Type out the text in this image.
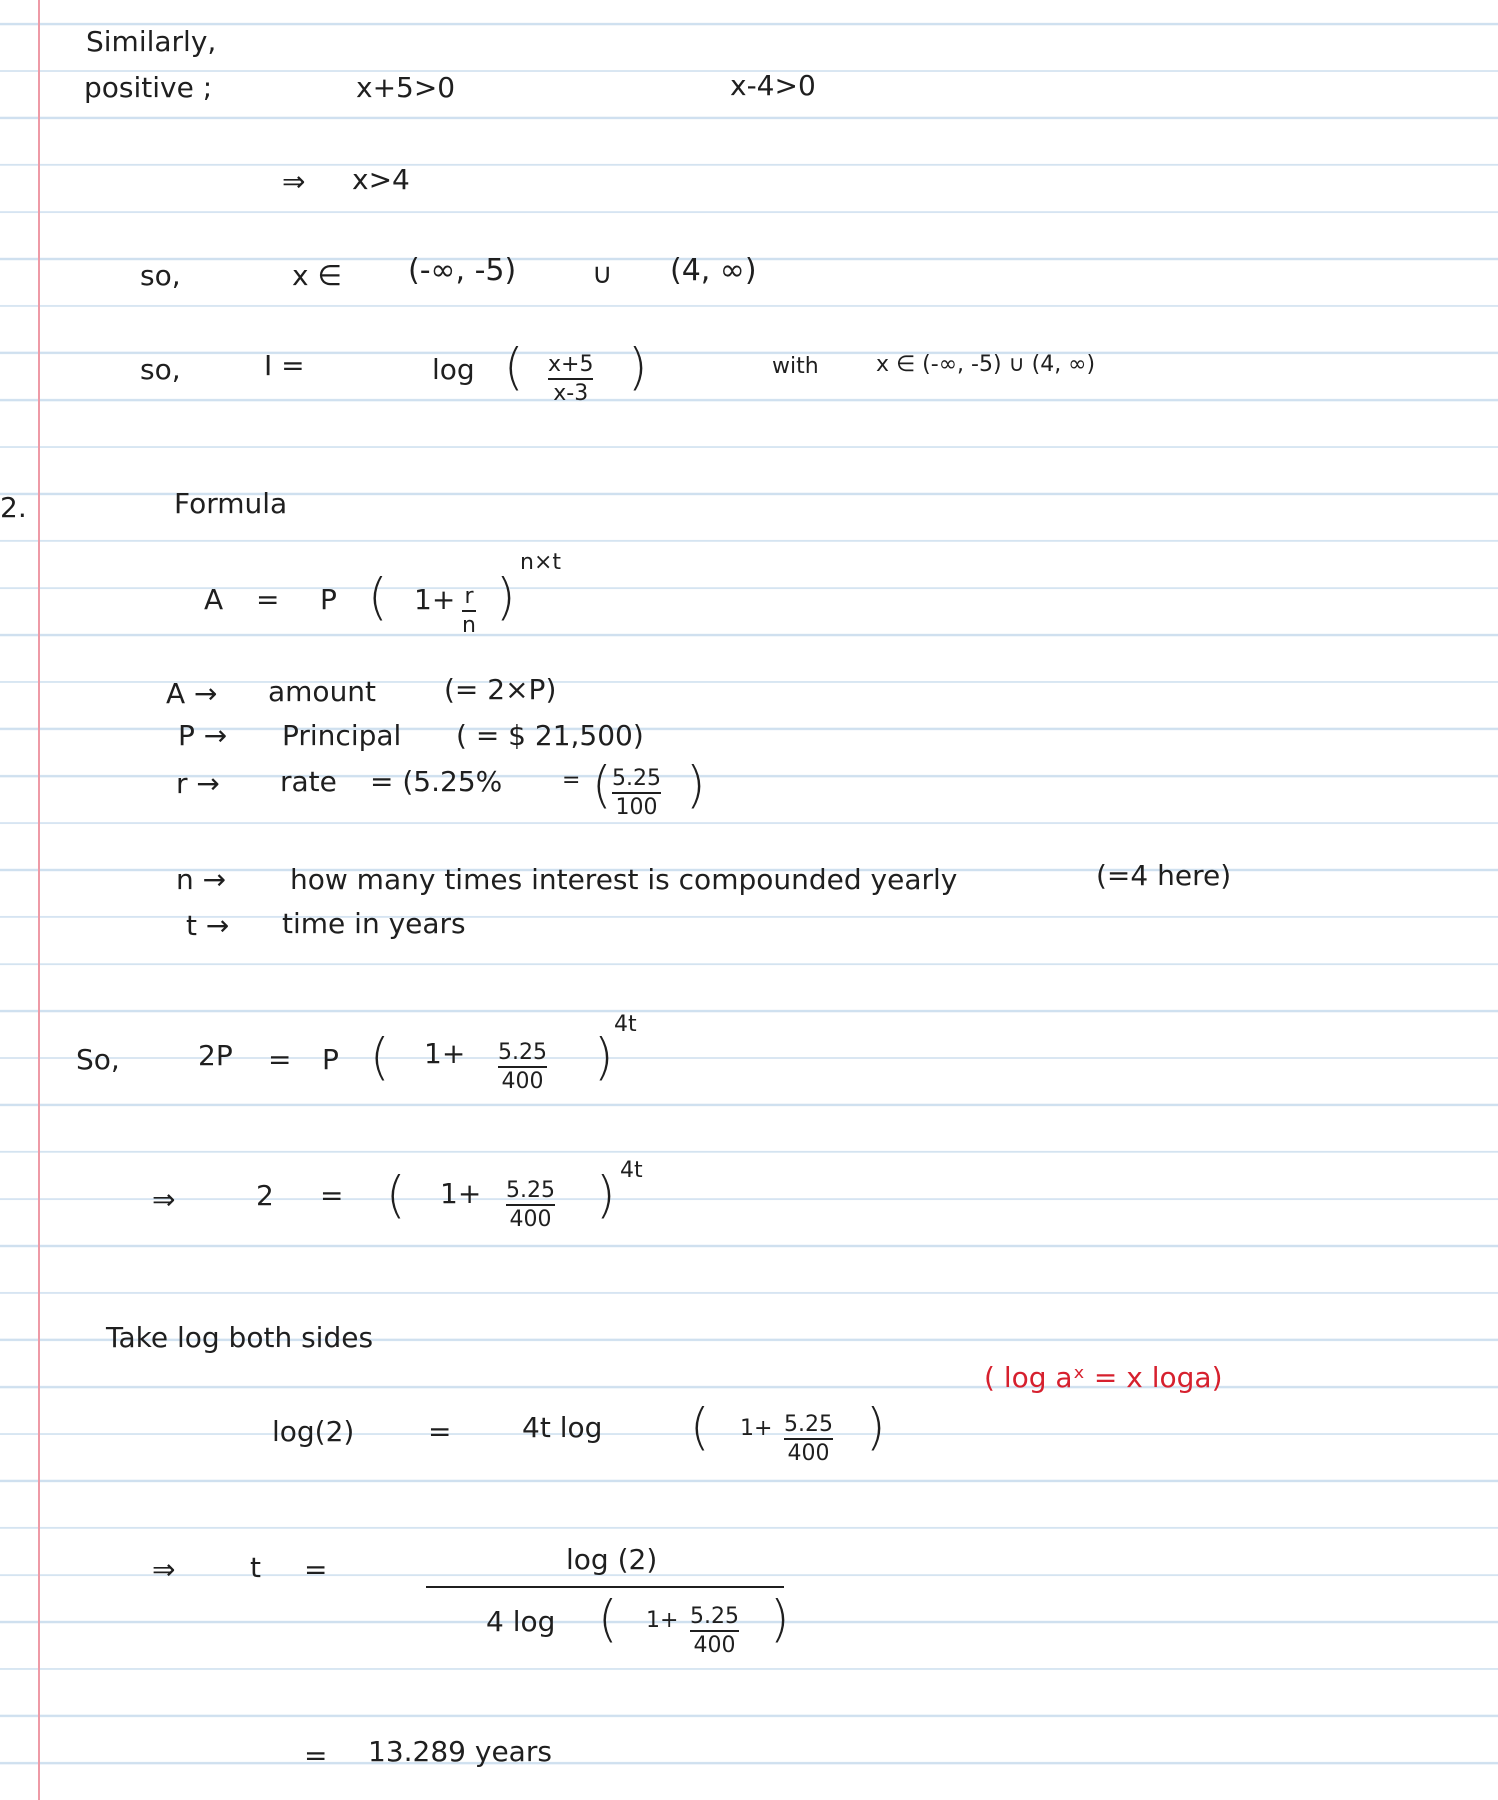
Similarly,
positive ;	x+5>0	x-4>0
⇒ x>4
so,	x ∈ (-∞, -5)	∪ (4, ∞)
so,	I =	log ( x+5
x-3 )	with	x ∈ (-∞, -5) ∪ (4, ∞)
2.	Formula
A = P ( 1+ r
n )
n×t
A → amount (= 2×P)
P → Principal ( = $ 21,500)
r → rate = (5.25%	= ( 5.25
100 )
n → how many times interest is compounded yearly	(=4 here)
t → time in years
So,	2P = P ( 1+ 5.25
400 )
4t
⇒	2 = ( 1+ 5.25
400 ) 4t
Take log both sides
( log aˣ = x loga)
log(2)	=	4t log ( 1+ 5.25
400 )
⇒	t =	log (2)
4 log ( 1+ 5.25
400 )
= 13.289 years
